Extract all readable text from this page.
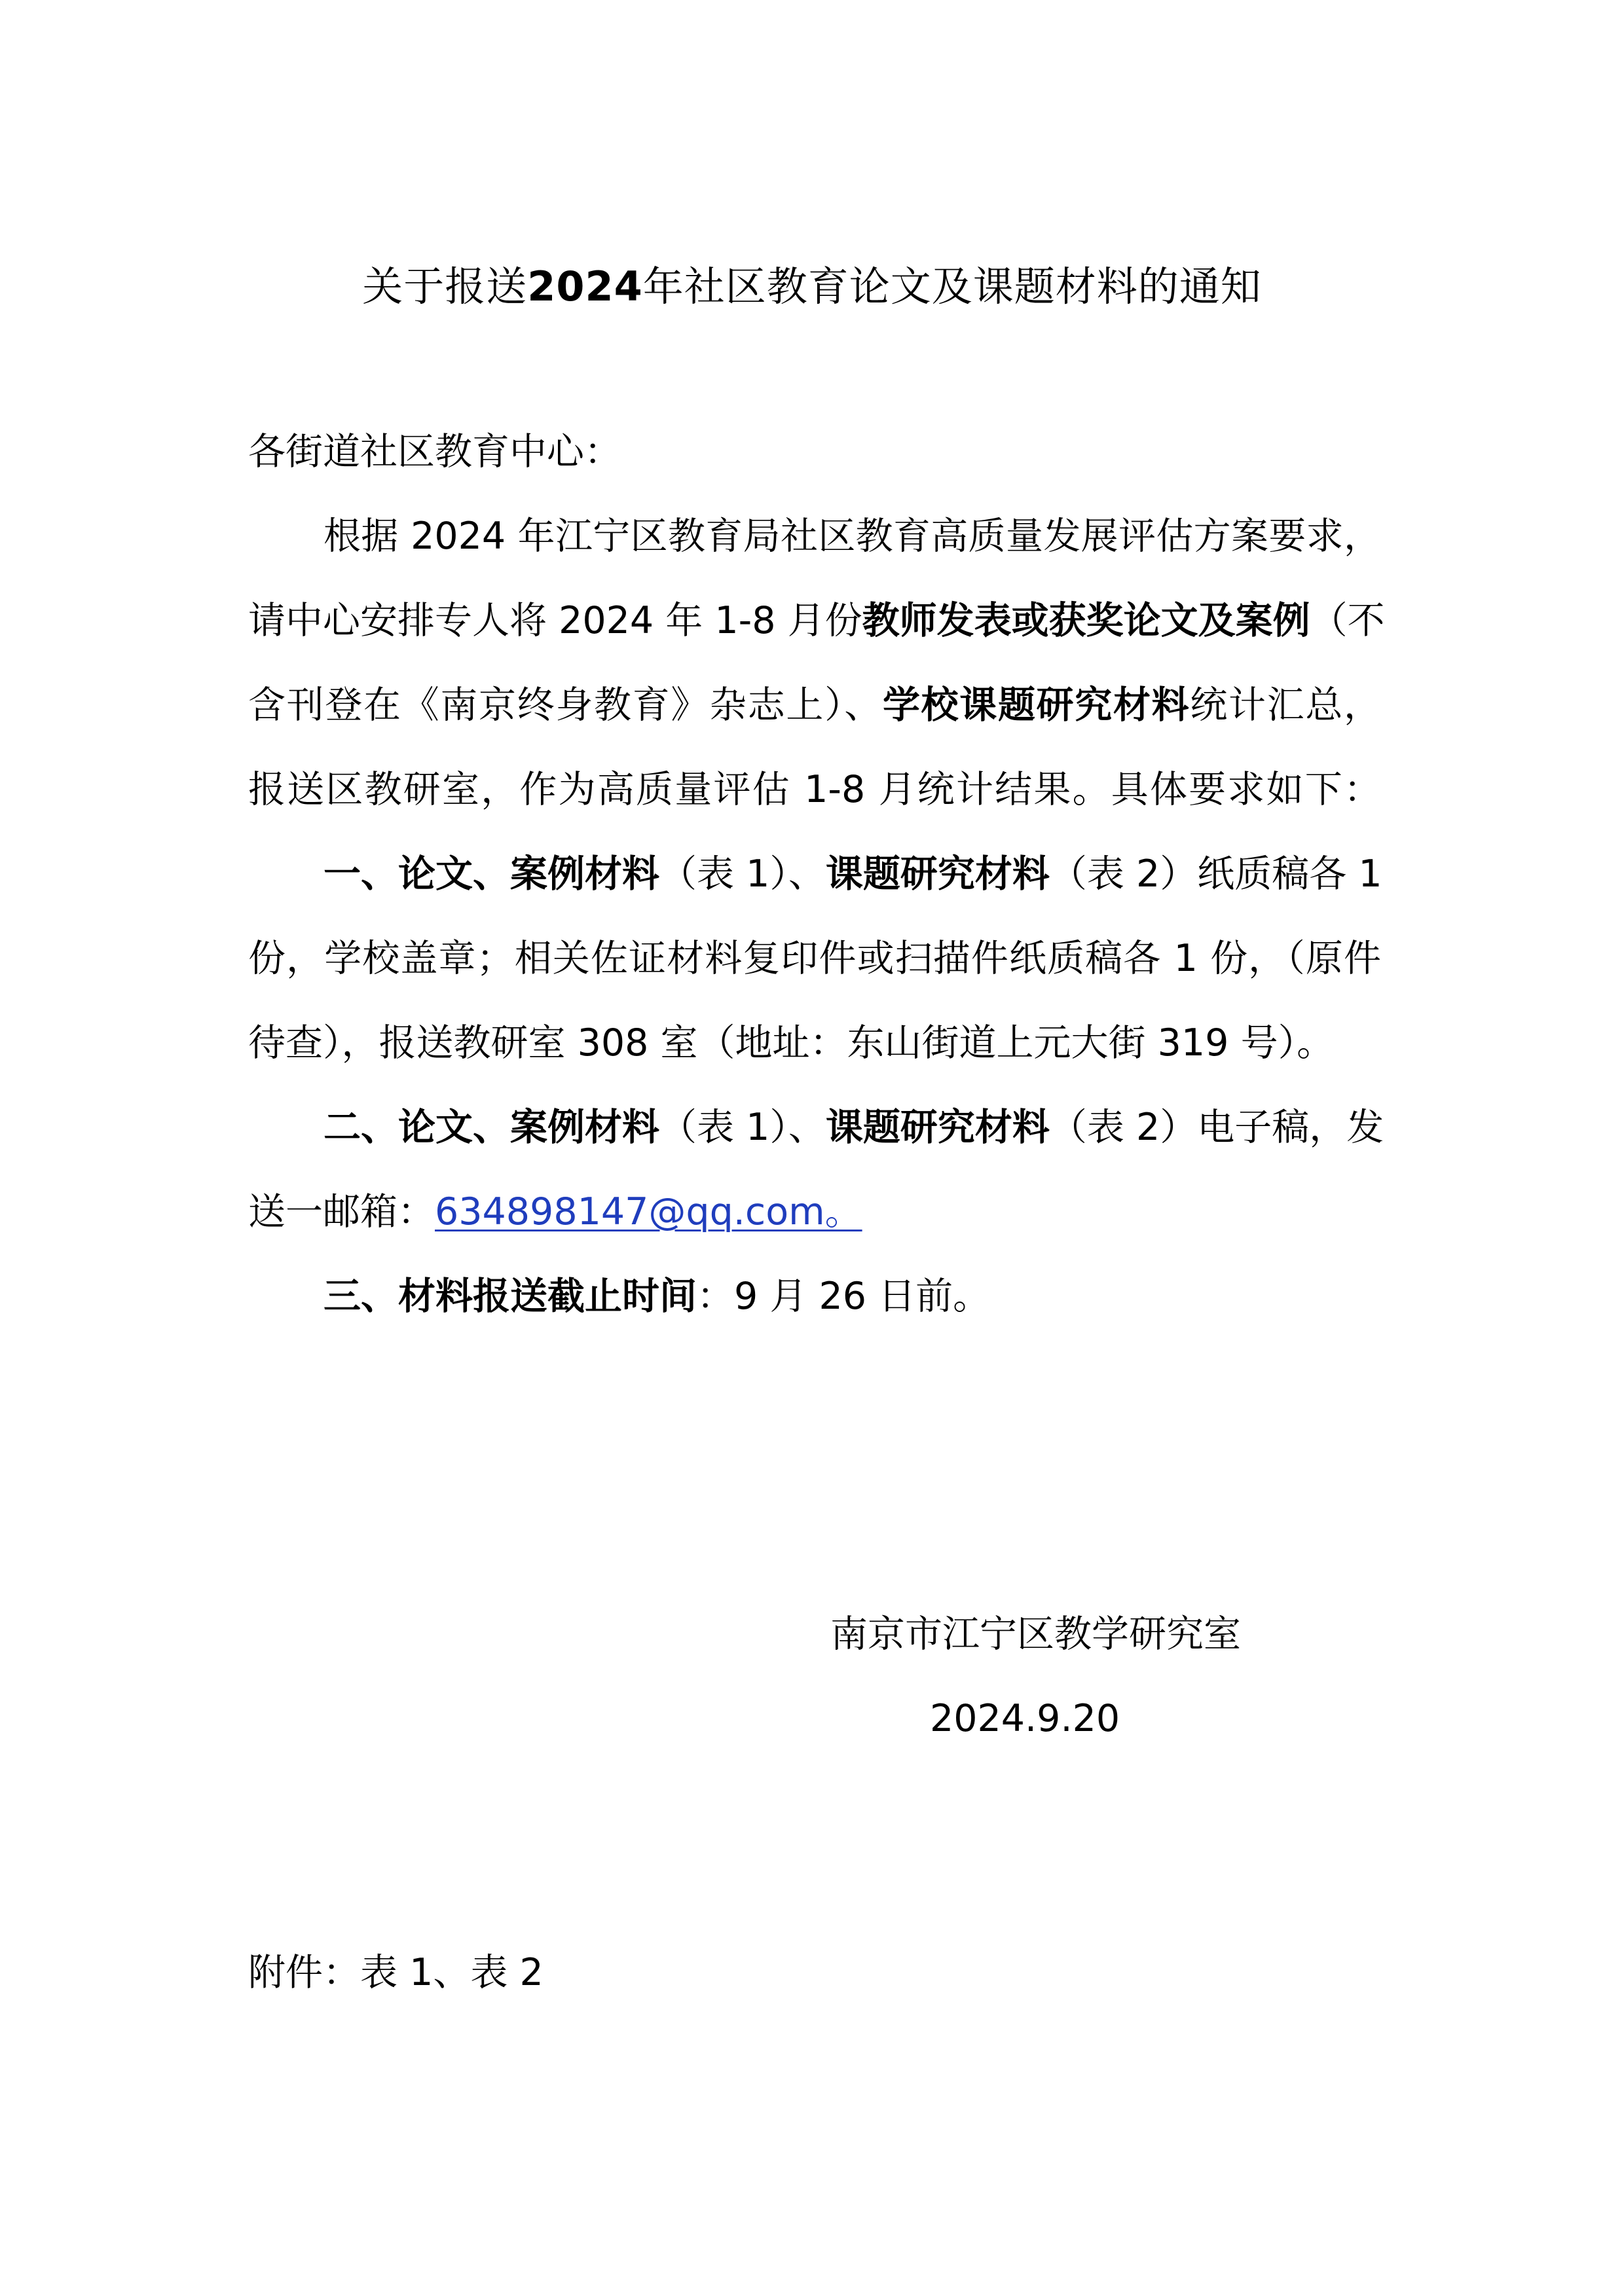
关于报送2024年社区教育论文及课题材料的通知
各街道社区教育中心：
根据 2024 年江宁区教育局社区教育高质量发展评估方案要求，
请中心安排专人将 2024 年 1-8 月份教师发表或获奖论文及案例（不
含刊登在《南京终身教育》杂志上）、学校课题研究材料统计汇总，
报送区教研室，作为高质量评估 1-8 月统计结果。具体要求如下：
一、论文、案例材料（表 1）、课题研究材料（表 2）纸质稿各 1
份，学校盖章；相关佐证材料复印件或扫描件纸质稿各 1 份，（原件
待查），报送教研室 308 室（地址：东山街道上元大街 319 号）。
二、论文、案例材料（表 1）、课题研究材料（表 2）电子稿，发
送一邮箱：634898147@qq.com。
三、材料报送截止时间：9 月 26 日前。
南京市江宁区教学研究室
2024.9.20
附件：表 1、表 2
